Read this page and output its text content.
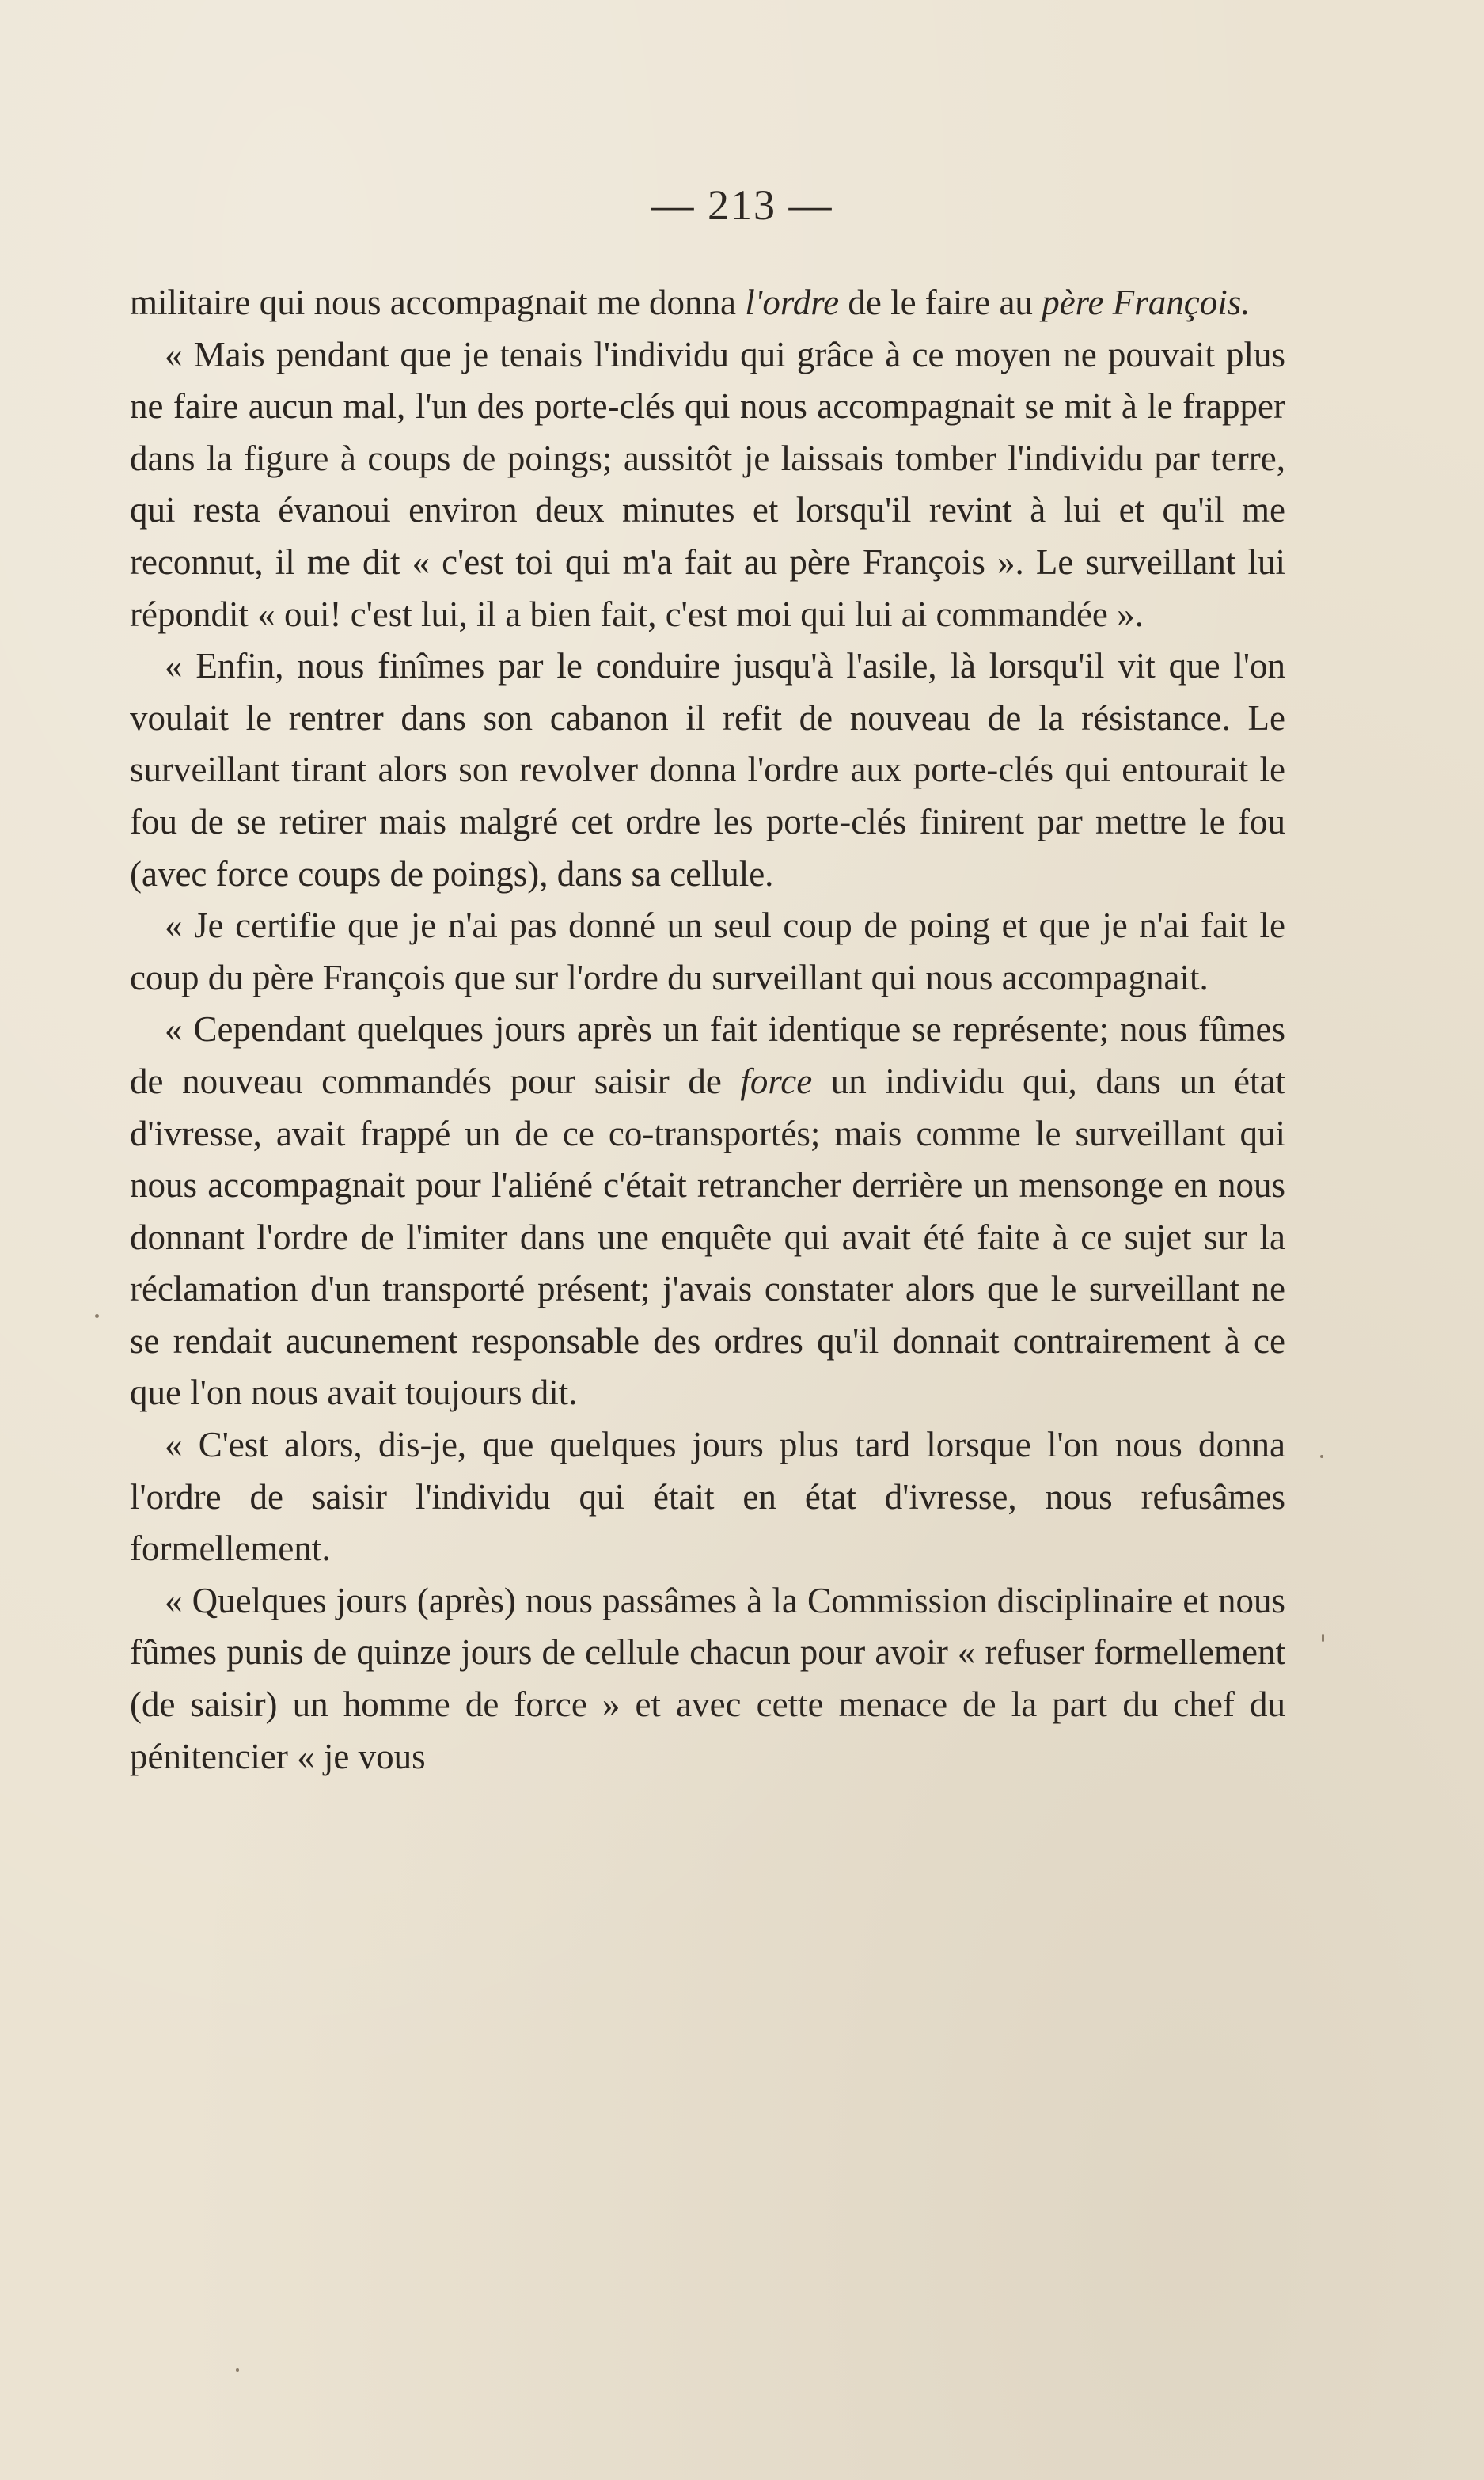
— 213 —

militaire qui nous accompagnait me donna l'ordre de le faire au père François.

« Mais pendant que je tenais l'individu qui grâce à ce moyen ne pouvait plus ne faire aucun mal, l'un des porte-clés qui nous accompagnait se mit à le frapper dans la figure à coups de poings; aussitôt je laissais tomber l'individu par terre, qui resta évanoui environ deux minutes et lorsqu'il revint à lui et qu'il me reconnut, il me dit « c'est toi qui m'a fait au père François ». Le surveillant lui répondit « oui! c'est lui, il a bien fait, c'est moi qui lui ai commandée ».

« Enfin, nous finîmes par le conduire jusqu'à l'asile, là lorsqu'il vit que l'on voulait le rentrer dans son cabanon il refit de nouveau de la résistance. Le surveillant tirant alors son revolver donna l'ordre aux porte-clés qui entourait le fou de se retirer mais malgré cet ordre les porte-clés finirent par mettre le fou (avec force coups de poings), dans sa cellule.

« Je certifie que je n'ai pas donné un seul coup de poing et que je n'ai fait le coup du père François que sur l'ordre du surveillant qui nous accompagnait.

« Cependant quelques jours après un fait identique se représente; nous fûmes de nouveau commandés pour saisir de force un individu qui, dans un état d'ivresse, avait frappé un de ce co-transportés; mais comme le surveillant qui nous accompagnait pour l'aliéné c'était retrancher derrière un mensonge en nous donnant l'ordre de l'imiter dans une enquête qui avait été faite à ce sujet sur la réclamation d'un transporté présent; j'avais constater alors que le surveillant ne se rendait aucunement responsable des ordres qu'il donnait contrairement à ce que l'on nous avait toujours dit.

« C'est alors, dis-je, que quelques jours plus tard lorsque l'on nous donna l'ordre de saisir l'individu qui était en état d'ivresse, nous refusâmes formellement.

« Quelques jours (après) nous passâmes à la Commission disciplinaire et nous fûmes punis de quinze jours de cellule chacun pour avoir « refuser formellement (de saisir) un homme de force » et avec cette menace de la part du chef du pénitencier « je vous
